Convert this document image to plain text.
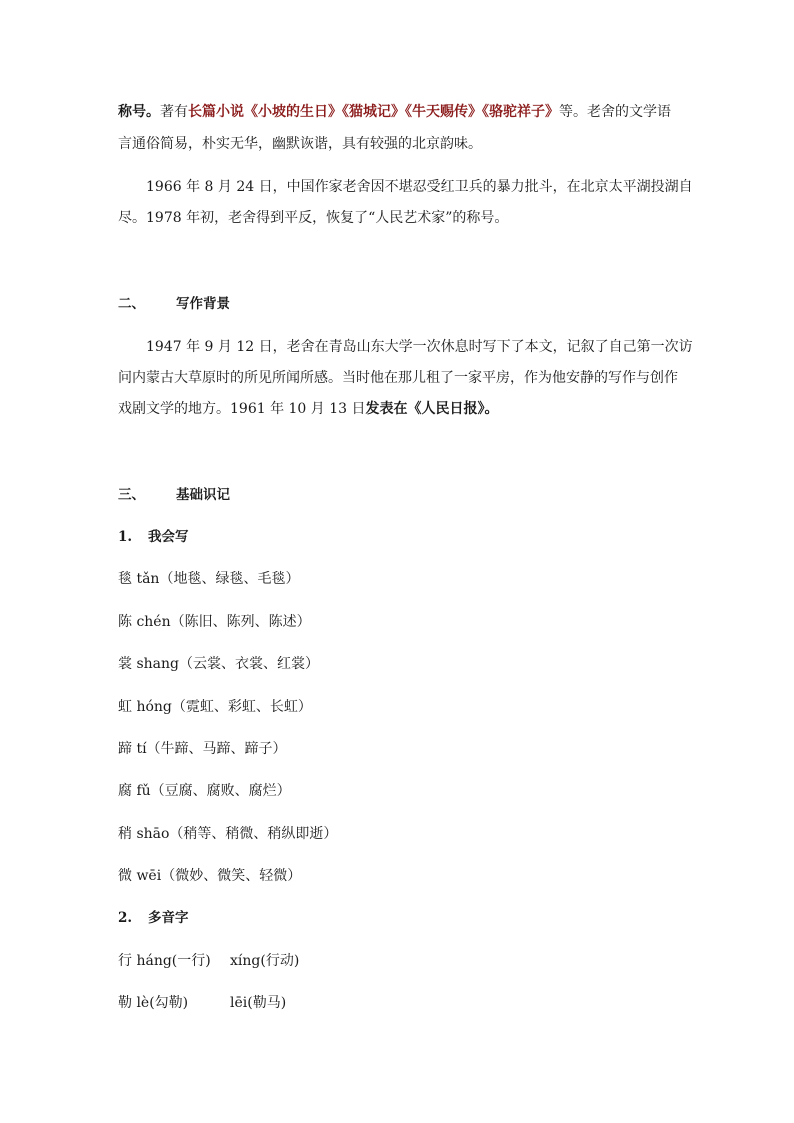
称号。著有长篇小说《小坡的生日》《猫城记》《牛天赐传》《骆驼祥子》等。老舍的文学语
言通俗简易，朴实无华，幽默诙谐，具有较强的北京韵味。
1966 年 8 月 24 日，中国作家老舍因不堪忍受红卫兵的暴力批斗，在北京太平湖投湖自
尽。1978 年初，老舍得到平反，恢复了“人民艺术家”的称号。
二、 写作背景
1947 年 9 月 12 日，老舍在青岛山东大学一次休息时写下了本文，记叙了自己第一次访
问内蒙古大草原时的所见所闻所感。当时他在那儿租了一家平房，作为他安静的写作与创作
戏剧文学的地方。1961 年 10 月 13 日发表在《人民日报》。
三、 基础识记
1. 我会写
毯 tǎn（地毯、绿毯、毛毯）
陈 chén（陈旧、陈列、陈述）
裳 shang（云裳、衣裳、红裳）
虹 hóng（霓虹、彩虹、长虹）
蹄 tí（牛蹄、马蹄、蹄子）
腐 fǔ（豆腐、腐败、腐烂）
稍 shāo（稍等、稍微、稍纵即逝）
微 wēi（微妙、微笑、轻微）
2. 多音字
行 háng(一行) xíng(行动)
勒 lè(勾勒)	lēi(勒马)
